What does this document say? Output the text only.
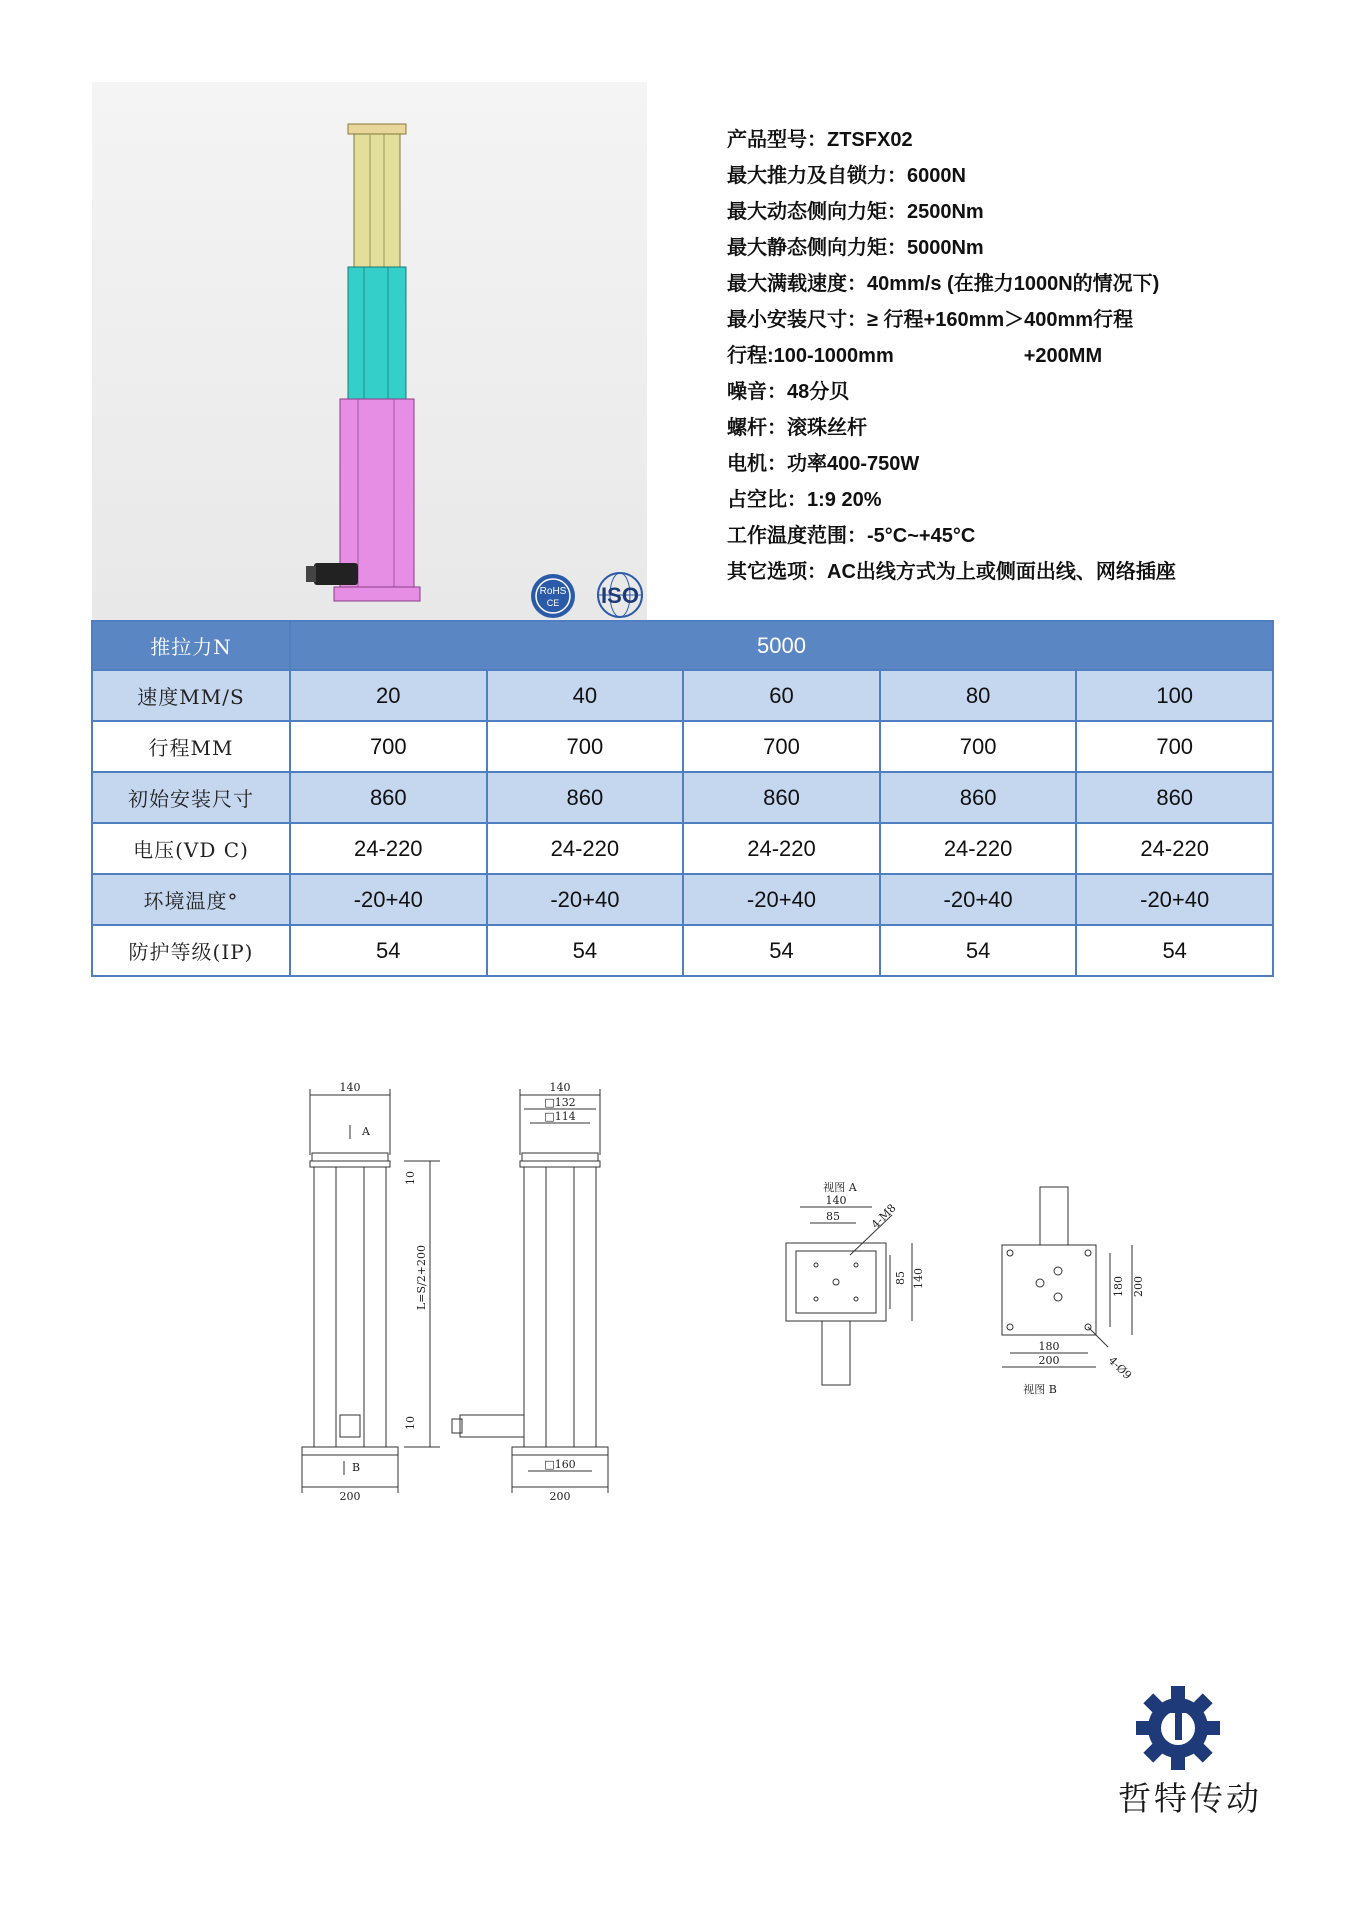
RoHS
CE ISO
产品型号：ZTSFX02
最大推力及自锁力：6000N
最大动态侧向力矩：2500Nm
最大静态侧向力矩：5000Nm
最大满载速度：40mm/s (在推力1000N的情况下)
最小安装尺寸：≥ 行程+160mm＞400mm行程
行程:100-1000mm	+200MM
噪音：48分贝
螺杆：滚珠丝杆
电机：功率400-750W
占空比：1:9 20%
工作温度范围：-5°C~+45°C
其它选项：AC出线方式为上或侧面出线、网络插座
推拉力N	5000				
速度MM/S	20	40	60	80	100
行程MM	700	700	700	700	700
初始安装尺寸	860	860	860	860	860
电压(VD C)	24-220	24-220	24-220	24-220	24-220
环境温度°	-20+40	-20+40	-20+40	-20+40	-20+40
防护等级(IP)	54	54	54	54	54
140
A
B
200
L=S/2+200
10
10
140
□132
□114
□160
200
视图 A
140
85	4-M8
85 140
180
200
180 200
4-Ø9
视图 B
哲特传动
